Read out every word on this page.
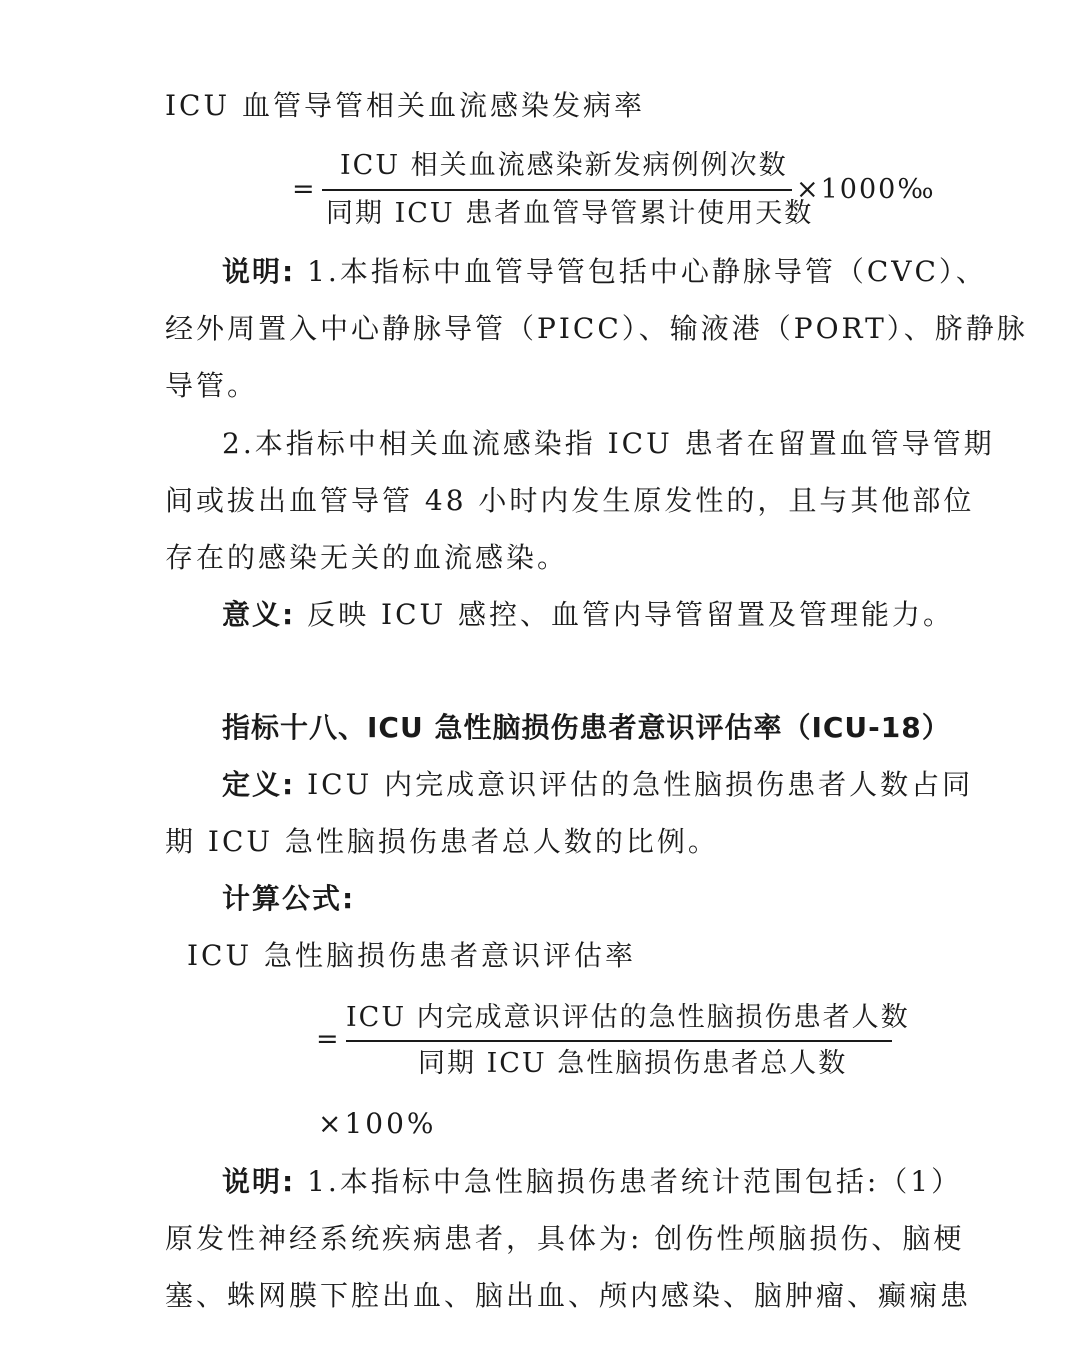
ICU 血管导管相关血流感染发病率
=
ICU 相关血流感染新发病例例次数
同期 ICU 患者血管导管累计使用天数
×1000‰
说明: 1.本指标中血管导管包括中心静脉导管（CVC）、
经外周置入中心静脉导管（PICC）、输液港（PORT）、脐静脉
导管。
2.本指标中相关血流感染指 ICU 患者在留置血管导管期
间或拔出血管导管 48 小时内发生原发性的，且与其他部位
存在的感染无关的血流感染。
意义: 反映 ICU 感控、血管内导管留置及管理能力。
指标十八、ICU 急性脑损伤患者意识评估率（ICU-18）
定义: ICU 内完成意识评估的急性脑损伤患者人数占同
期 ICU 急性脑损伤患者总人数的比例。
计算公式:
ICU 急性脑损伤患者意识评估率
=
ICU 内完成意识评估的急性脑损伤患者人数
同期 ICU 急性脑损伤患者总人数
×100%
说明: 1.本指标中急性脑损伤患者统计范围包括:（1）
原发性神经系统疾病患者，具体为: 创伤性颅脑损伤、脑梗
塞、蛛网膜下腔出血、脑出血、颅内感染、脑肿瘤、癫痫患
